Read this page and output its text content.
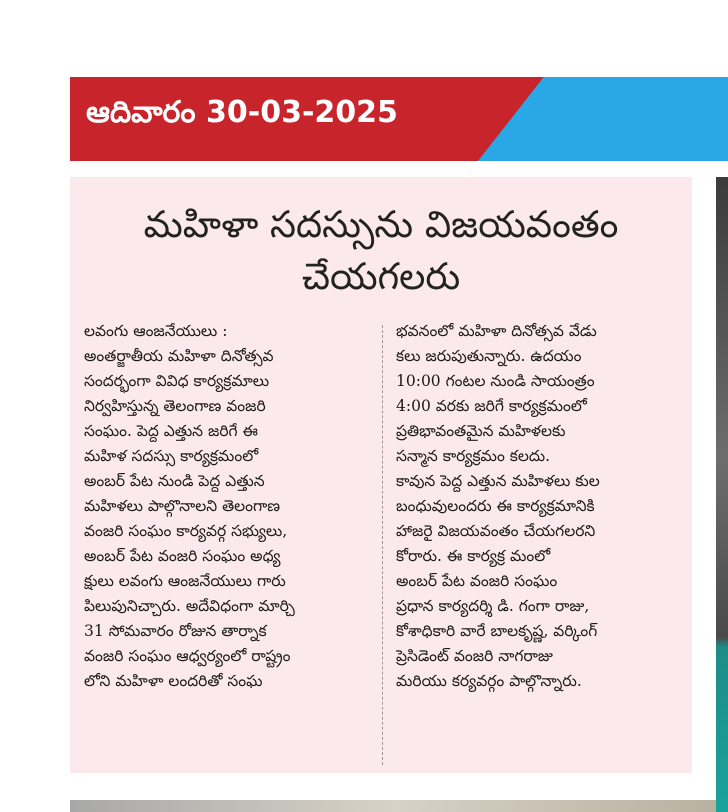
ఆదివారం 30-03-2025
మహిళా సదస్సును విజయవంతం చేయగలరు
లవంగు ఆంజనేయులు :
అంతర్జాతీయ మహిళా దినోత్సవ
సందర్భంగా వివిధ కార్యక్రమాలు
నిర్వహిస్తున్న తెలంగాణ వంజరి
సంఘం. పెద్ద ఎత్తున జరిగే ఈ
మహిళ సదస్సు కార్యక్రమంలో
అంబర్ పేట నుండి పెద్ద ఎత్తున
మహిళలు పాల్గొనాలని తెలంగాణ
వంజరి సంఘం కార్యవర్గ సభ్యులు,
అంబర్ పేట వంజరి సంఘం అధ్య
క్షులు లవంగు ఆంజనేయులు గారు
పిలుపునిచ్చారు. అదేవిధంగా మార్చి
31 సోమవారం రోజున తార్నాక
వంజరి సంఘం ఆధ్వర్యంలో రాష్ట్రం
లోని మహిళా లందరితో సంఘ
భవనంలో మహిళా దినోత్సవ వేడు
కలు జరుపుతున్నారు. ఉదయం
10:00 గంటల నుండి సాయంత్రం
4:00 వరకు జరిగే కార్యక్రమంలో
ప్రతిభావంతమైన మహిళలకు
సన్మాన కార్యక్రమం కలదు.
కావున పెద్ద ఎత్తున మహిళలు కుల
బంధువులందరు ఈ కార్యక్రమానికి
హాజరై విజయవంతం చేయగలరని
కోరారు. ఈ కార్యక్ర మంలో
అంబర్ పేట వంజరి సంఘం
ప్రధాన కార్యదర్శి డి. గంగా రాజు,
కోశాధికారి వారే బాలకృష్ణ, వర్కింగ్
ప్రెసిడెంట్ వంజరి నాగరాజు
మరియు కర్యవర్గం పాల్గొన్నారు.
